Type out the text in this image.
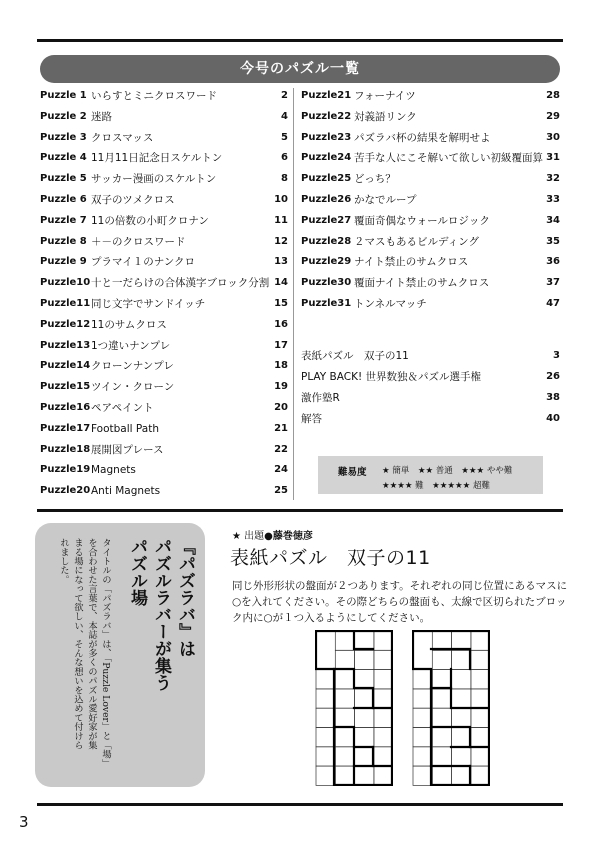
今号のパズル一覧
Puzzle 1 いらすとミニクロスワード	2
Puzzle 2 迷路	4
Puzzle 3 クロスマッス	5
Puzzle 4 11月11日記念日スケルトン	6
Puzzle 5 サッカー漫画のスケルトン	8
Puzzle 6 双子のツメクロス	10
Puzzle 7 11の倍数の小町クロナン	11
Puzzle 8 ＋－のクロスワード	12
Puzzle 9 プラマイ１のナンクロ	13
Puzzle10 十と一だらけの合体漢字ブロック分割 14
Puzzle11 同じ文字でサンドイッチ	15
Puzzle12 11のサムクロス	16
Puzzle13 1つ違いナンプレ	17
Puzzle14 クローンナンプレ	18
Puzzle15 ツイン・クローン	19
Puzzle16 ペアペイント	20
Puzzle17 Football Path	21
Puzzle18 展開図プレース	22
Puzzle19 Magnets	24
Puzzle20 Anti Magnets	25
Puzzle21 フォーナイツ	28
Puzzle22 対義語リンク	29
Puzzle23 パズラバ杯の結果を解明せよ	30
Puzzle24 苦手な人にこそ解いて欲しい初級覆面算 31
Puzzle25 どっち？	32
Puzzle26 かなでループ	33
Puzzle27 覆面奇偶なウォールロジック	34
Puzzle28 ２マスもあるビルディング	35
Puzzle29 ナイト禁止のサムクロス	36
Puzzle30 覆面ナイト禁止のサムクロス	37
Puzzle31 トンネルマッチ	47
表紙パズル　双子の11	3
PLAY BACK! 世界数独＆パズル選手権	26
激作塾R	38
解答	40
難易度 ★ 簡単　★★ 普通　★★★ やや難
★★★★ 難　★★★★★ 超難
『パズラバ』は
パズルラバーが集う
パズル場
タイトルの「パズラバ」は、「Puzzle Lover」と「場」
を合わせた言葉で、本誌が多くのパズル愛好家が集
まる場になって欲しい、そんな想いを込めて付けら
れました。
★ 出題●藤巻徳彦
表紙パズル　双子の11
同じ外形形状の盤面が２つあります。それぞれの同じ位置にあるマスに○を入れてください。その際どちらの盤面も、太線で区切られたブロック内に○が１つ入るようにしてください。
3
